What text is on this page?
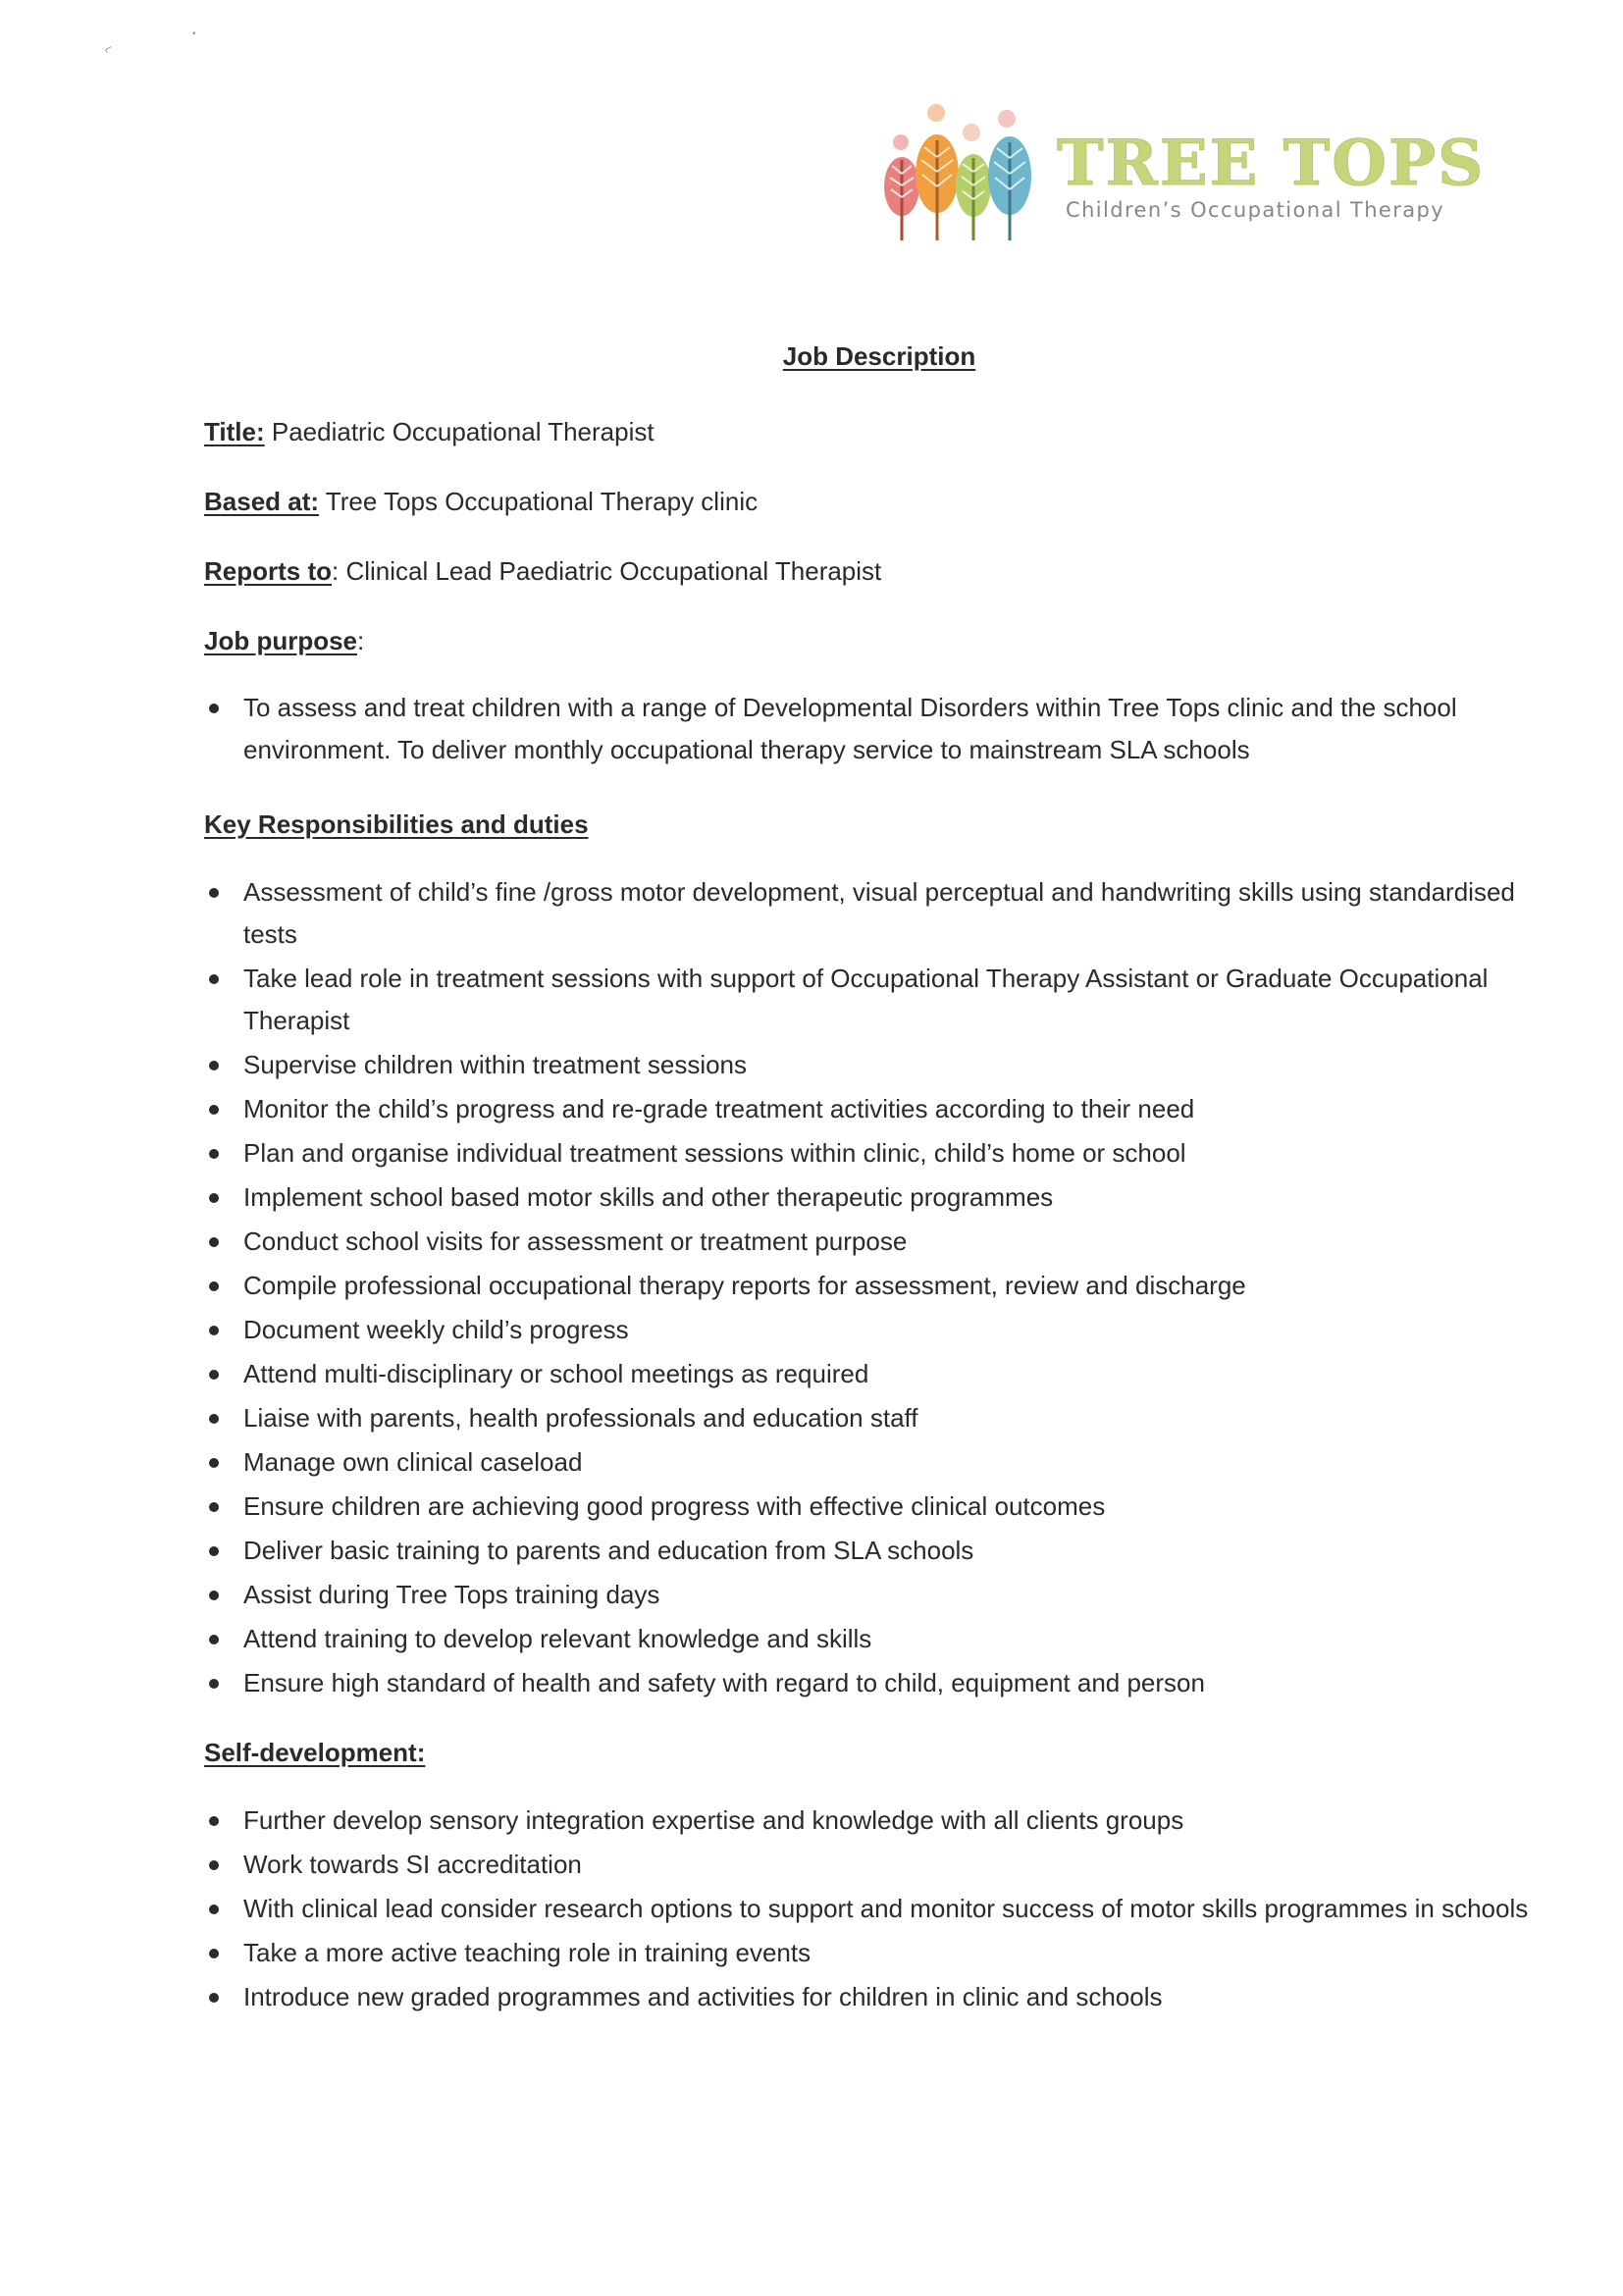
⌐
▪
TREE TOPS
Children’s Occupational Therapy
Job Description
Title: Paediatric Occupational Therapist
Based at: Tree Tops Occupational Therapy clinic
Reports to: Clinical Lead Paediatric Occupational Therapist
Job purpose:
To assess and treat children with a range of Developmental Disorders within Tree Tops clinic and the school environment. To deliver monthly occupational therapy service to mainstream SLA schools
Key Responsibilities and duties
Assessment of child’s fine /gross motor development, visual perceptual and handwriting skills using standardised tests
Take lead role in treatment sessions with support of Occupational Therapy Assistant or Graduate Occupational Therapist
Supervise children within treatment sessions
Monitor the child’s progress and re-grade treatment activities according to their need
Plan and organise individual treatment sessions within clinic, child’s home or school
Implement school based motor skills and other therapeutic programmes
Conduct school visits for assessment or treatment purpose
Compile professional occupational therapy reports for assessment, review and discharge
Document weekly child’s progress
Attend multi-disciplinary or school meetings as required
Liaise with parents, health professionals and education staff
Manage own clinical caseload
Ensure children are achieving good progress with effective clinical outcomes
Deliver basic training to parents and education from SLA schools
Assist during Tree Tops training days
Attend training to develop relevant knowledge and skills
Ensure high standard of health and safety with regard to child, equipment and person
Self-development:
Further develop sensory integration expertise and knowledge with all clients groups
Work towards SI accreditation
With clinical lead consider research options to support and monitor success of motor skills programmes in schools
Take a more active teaching role in training events
Introduce new graded programmes and activities for children in clinic and schools
